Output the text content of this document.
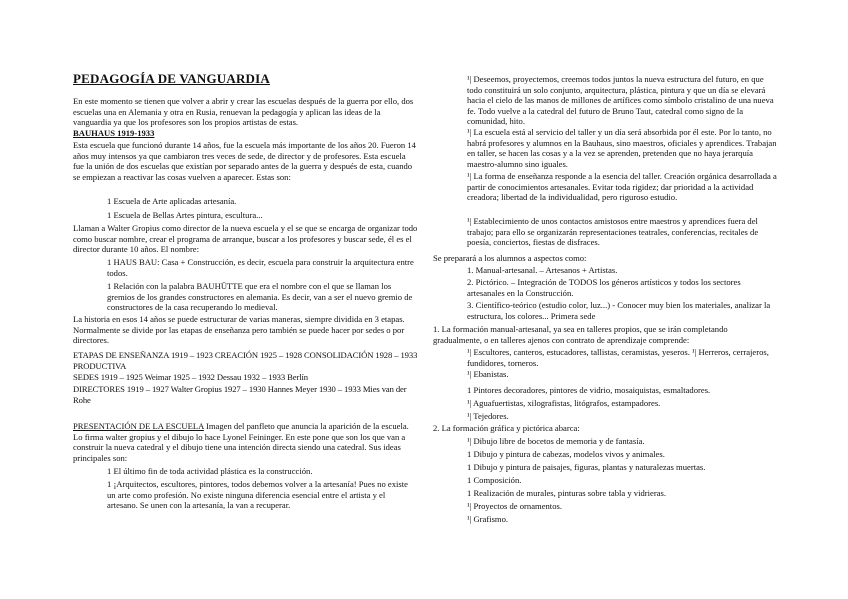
PEDAGOGÍA DE VANGUARDIA

En este momento se tienen que volver a abrir y crear las escuelas después de la guerra por ello, dos escuelas una en Alemania y otra en Rusia, renuevan la pedagogía y aplican las ideas de la vanguardia ya que los profesores son los propios artistas de estas.

BAUHAUS 1919-1933

Esta escuela que funcionó durante 14 años, fue la escuela más importante de los años 20. Fueron 14 años muy intensos ya que cambiaron tres veces de sede, de director y de profesores. Esta escuela fue la unión de dos escuelas que existían por separado antes de la guerra y después de esta, cuando se empiezan a reactivar las cosas vuelven a aparecer. Estas son:

1 Escuela de Arte aplicadas artesanía.

1 Escuela de Bellas Artes pintura, escultura...

Llaman a Walter Gropius como director de la nueva escuela y el se que se encarga de organizar todo como buscar nombre, crear el programa de arranque, buscar a los profesores y buscar sede, él es el director durante 10 años. El nombre:

1 HAUS BAU: Casa + Construcción, es decir, escuela para construir la arquitectura entre todos.

1 Relación con la palabra BAUHÜTTE que era el nombre con el que se llaman los gremios de los grandes constructores en alemania. Es decir, van a ser el nuevo gremio de constructores de la casa recuperando lo medieval.

La historia en esos 14 años se puede estructurar de varias maneras, siempre dividida en 3 etapas. Normalmente se divide por las etapas de enseñanza pero también se puede hacer por sedes o por directores.

ETAPAS DE ENSEÑANZA 1919 – 1923 CREACIÓN 1925 – 1928 CONSOLIDACIÓN 1928 – 1933 PRODUCTIVA

SEDES 1919 – 1925 Weimar 1925 – 1932 Dessau 1932 – 1933 Berlín

DIRECTORES 1919 – 1927 Walter Gropius 1927 – 1930 Hannes Meyer 1930 – 1933 Mies van der Rohe

PRESENTACIÓN DE LA ESCUELA Imagen del panfleto que anuncia la aparición de la escuela. Lo firma walter gropius y el dibujo lo hace Lyonel Feininger. En este pone que son los que van a construir la nueva catedral y el dibujo tiene una intención directa siendo una catedral. Sus ideas principales son:

1 El último fin de toda actividad plástica es la construcción.

1 ¡Arquitectos, escultores, pintores, todos debemos volver a la artesanía! Pues no existe un arte como profesión. No existe ninguna diferencia esencial entre el artista y el artesano. Se unen con la artesanía, la van a recuperar.

¹| Deseemos, proyectemos, creemos todos juntos la nueva estructura del futuro, en que todo constituirá un solo conjunto, arquitectura, plástica, pintura y que un día se elevará hacia el cielo de las manos de millones de artífices como símbolo cristalino de una nueva fe. Todo vuelve a la catedral del futuro de Bruno Taut, catedral como signo de la comunidad, hito.

¹| La escuela está al servicio del taller y un día será absorbida por él este. Por lo tanto, no habrá profesores y alumnos en la Bauhaus, sino maestros, oficiales y aprendices. Trabajan en taller, se hacen las cosas y a la vez se aprenden, pretenden que no haya jerarquía maestro-alumno sino iguales.

¹| La forma de enseñanza responde a la esencia del taller. Creación orgánica desarrollada a partir de conocimientos artesanales. Evitar toda rigidez; dar prioridad a la actividad creadora; libertad de la individualidad, pero riguroso estudio.

¹| Establecimiento de unos contactos amistosos entre maestros y aprendices fuera del trabajo; para ello se organizarán representaciones teatrales, conferencias, recitales de poesía, conciertos, fiestas de disfraces.

Se preparará a los alumnos a aspectos como:

1. Manual-artesanal. – Artesanos + Artistas.

2. Pictórico. – Integración de TODOS los géneros artísticos y todos los sectores artesanales en la Construcción.

3. Científico-teórico (estudio color, luz...) - Conocer muy bien los materiales, analizar la estructura, los colores... Primera sede

1. La formación manual-artesanal, ya sea en talleres propios, que se irán completando gradualmente, o en talleres ajenos con contrato de aprendizaje comprende:

¹| Escultores, canteros, estucadores, tallistas, ceramistas, yeseros. ¹| Herreros, cerrajeros, fundidores, torneros.

¹| Ebanistas.

1 Pintores decoradores, pintores de vidrio, mosaiquistas, esmaltadores.

¹| Aguafuertistas, xilografistas, litógrafos, estampadores.

¹| Tejedores.

2. La formación gráfica y pictórica abarca:

¹| Dibujo libre de bocetos de memoria y de fantasía.

1 Dibujo y pintura de cabezas, modelos vivos y animales.

1 Dibujo y pintura de paisajes, figuras, plantas y naturalezas muertas.

1 Composición.

1 Realización de murales, pinturas sobre tabla y vidrieras.

¹| Proyectos de ornamentos.

¹| Grafismo.
